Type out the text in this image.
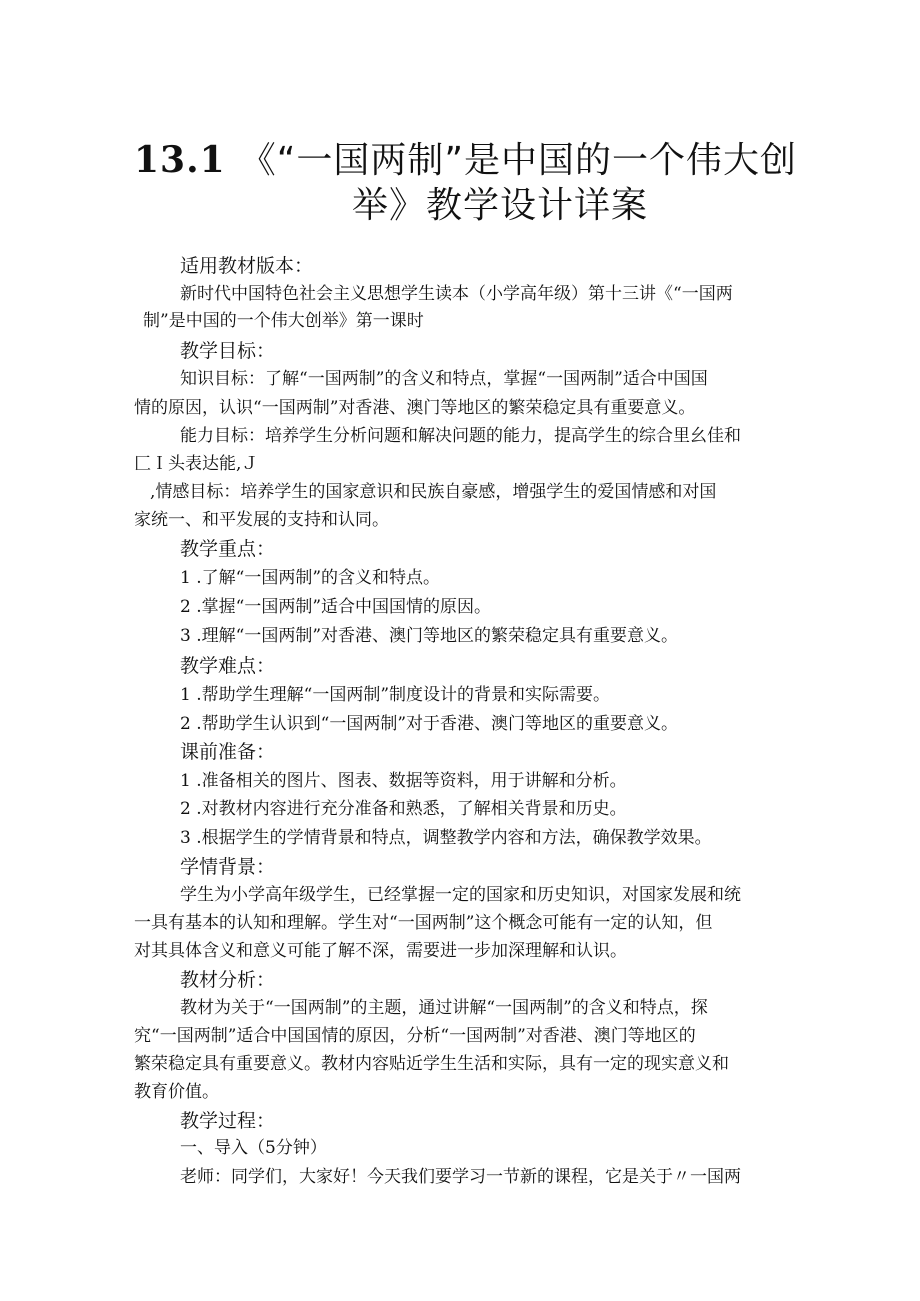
13.1 《“一国两制”是中国的一个伟大创
举》教学设计详案
适用教材版本：
新时代中国特色社会主义思想学生读本（小学高年级）第十三讲《“一国两
制”是中国的一个伟大创举》第一课时
教学目标：
知识目标：了解“一国两制”的含义和特点，掌握“一国两制”适合中国国
情的原因，认识“一国两制”对香港、澳门等地区的繁荣稳定具有重要意义。
能力目标：培养学生分析问题和解决问题的能力，提高学生的综合里幺佳和
匚Ｉ头表达能,Ｊ
,情感目标：培养学生的国家意识和民族自豪感，增强学生的爱国情感和对国
家统一、和平发展的支持和认同。
教学重点：
1 .了解“一国两制”的含义和特点。
2 .掌握“一国两制”适合中国国情的原因。
3 .理解“一国两制”对香港、澳门等地区的繁荣稳定具有重要意义。
教学难点：
1 .帮助学生理解“一国两制”制度设计的背景和实际需要。
2 .帮助学生认识到“一国两制”对于香港、澳门等地区的重要意义。
课前准备：
1 .准备相关的图片、图表、数据等资料，用于讲解和分析。
2 .对教材内容进行充分准备和熟悉，了解相关背景和历史。
3 .根据学生的学情背景和特点，调整教学内容和方法，确保教学效果。
学情背景：
学生为小学高年级学生，已经掌握一定的国家和历史知识，对国家发展和统
一具有基本的认知和理解。学生对“一国两制”这个概念可能有一定的认知，但
对其具体含义和意义可能了解不深，需要进一步加深理解和认识。
教材分析：
教材为关于“一国两制”的主题，通过讲解“一国两制”的含义和特点，探
究“一国两制”适合中国国情的原因，分析“一国两制”对香港、澳门等地区的
繁荣稳定具有重要意义。教材内容贴近学生生活和实际，具有一定的现实意义和
教育价值。
教学过程：
一、导入（5分钟）
老师：同学们，大家好！今天我们要学习一节新的课程，它是关于〃一国两
